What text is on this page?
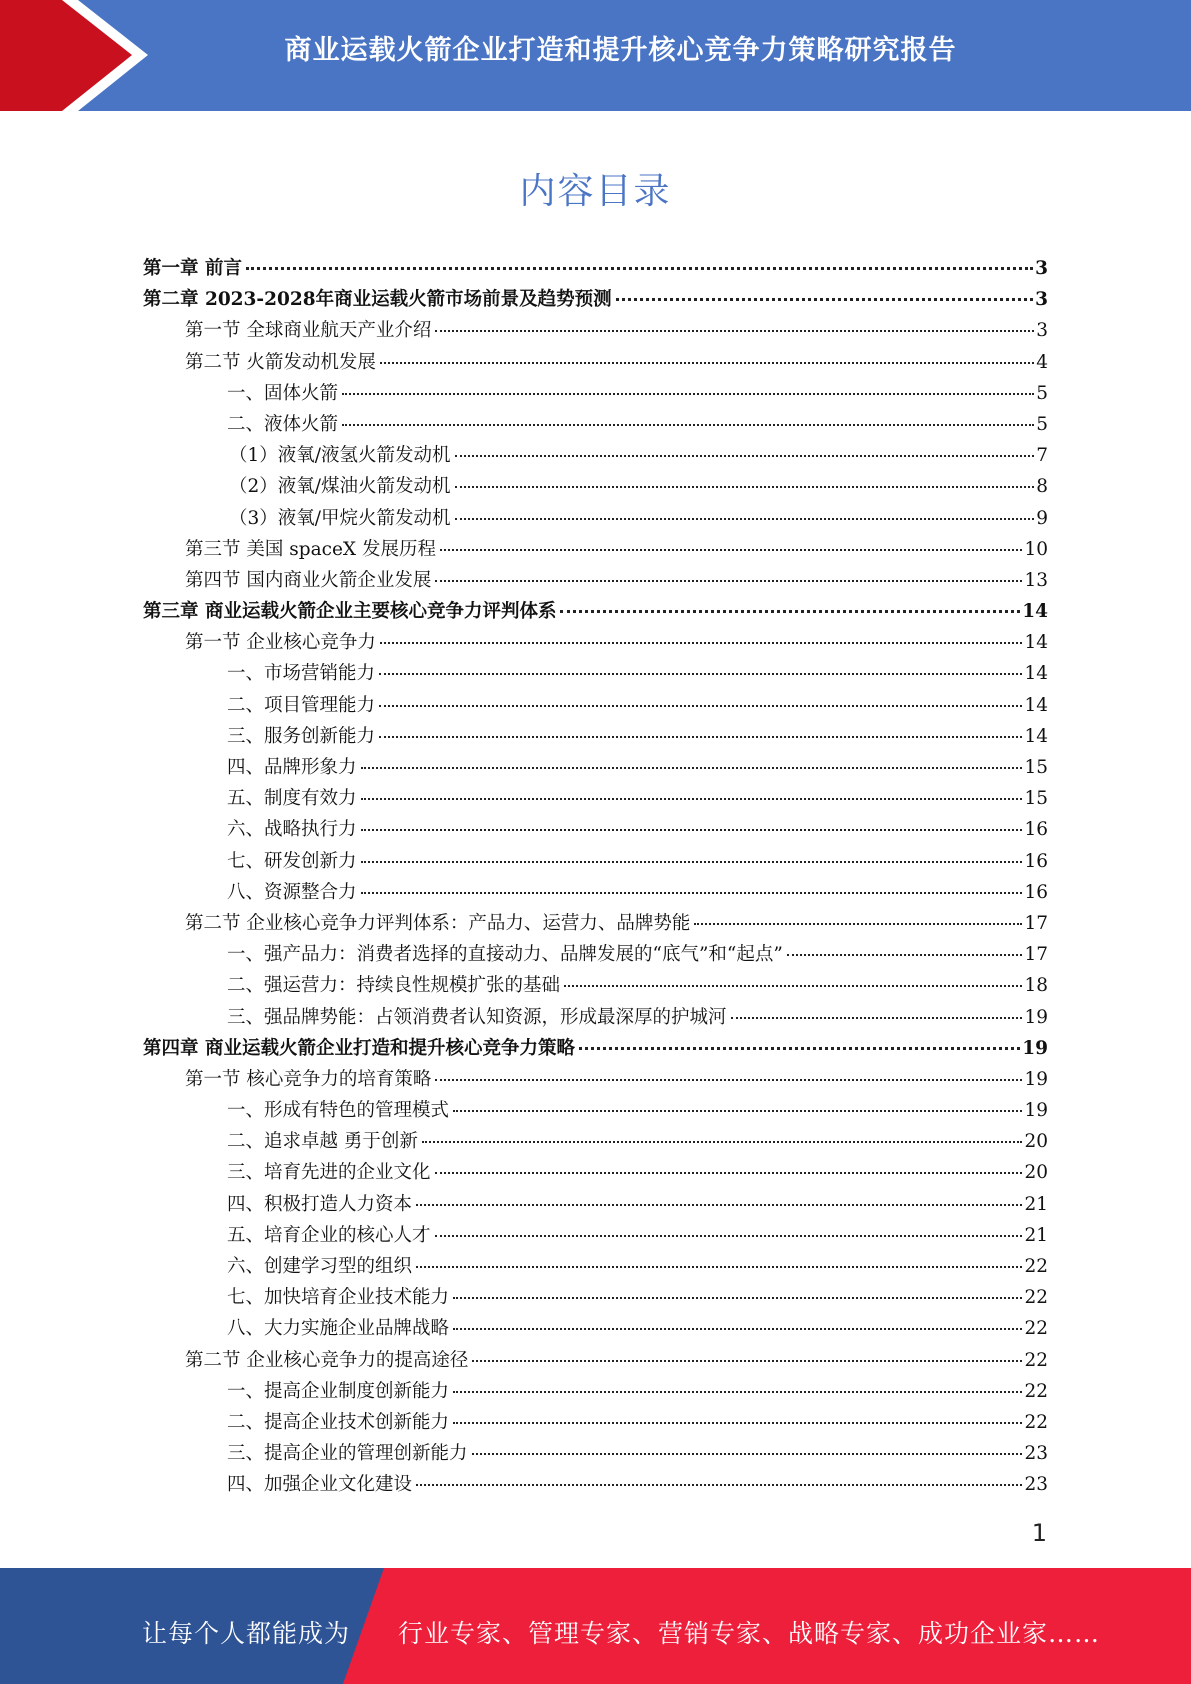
商业运载火箭企业打造和提升核心竞争力策略研究报告
内容目录
第一章 前言	3
第二章 2023-2028年商业运载火箭市场前景及趋势预测	3
第一节 全球商业航天产业介绍	3
第二节 火箭发动机发展	4
一、固体火箭	5
二、液体火箭	5
（1）液氧/液氢火箭发动机	7
（2）液氧/煤油火箭发动机	8
（3）液氧/甲烷火箭发动机	9
第三节 美国 spaceX 发展历程	10
第四节 国内商业火箭企业发展	13
第三章 商业运载火箭企业主要核心竞争力评判体系	14
第一节 企业核心竞争力	14
一、市场营销能力	14
二、项目管理能力	14
三、服务创新能力	14
四、品牌形象力	15
五、制度有效力	15
六、战略执行力	16
七、研发创新力	16
八、资源整合力	16
第二节 企业核心竞争力评判体系：产品力、运营力、品牌势能	17
一、强产品力：消费者选择的直接动力、品牌发展的“底气”和“起点”	17
二、强运营力：持续良性规模扩张的基础	18
三、强品牌势能：占领消费者认知资源，形成最深厚的护城河	19
第四章 商业运载火箭企业打造和提升核心竞争力策略	19
第一节 核心竞争力的培育策略	19
一、形成有特色的管理模式	19
二、追求卓越 勇于创新	20
三、培育先进的企业文化	20
四、积极打造人力资本	21
五、培育企业的核心人才	21
六、创建学习型的组织	22
七、加快培育企业技术能力	22
八、大力实施企业品牌战略	22
第二节 企业核心竞争力的提高途径	22
一、提高企业制度创新能力	22
二、提高企业技术创新能力	22
三、提高企业的管理创新能力	23
四、加强企业文化建设	23
1
让每个人都能成为 行业专家、管理专家、营销专家、战略专家、成功企业家……
